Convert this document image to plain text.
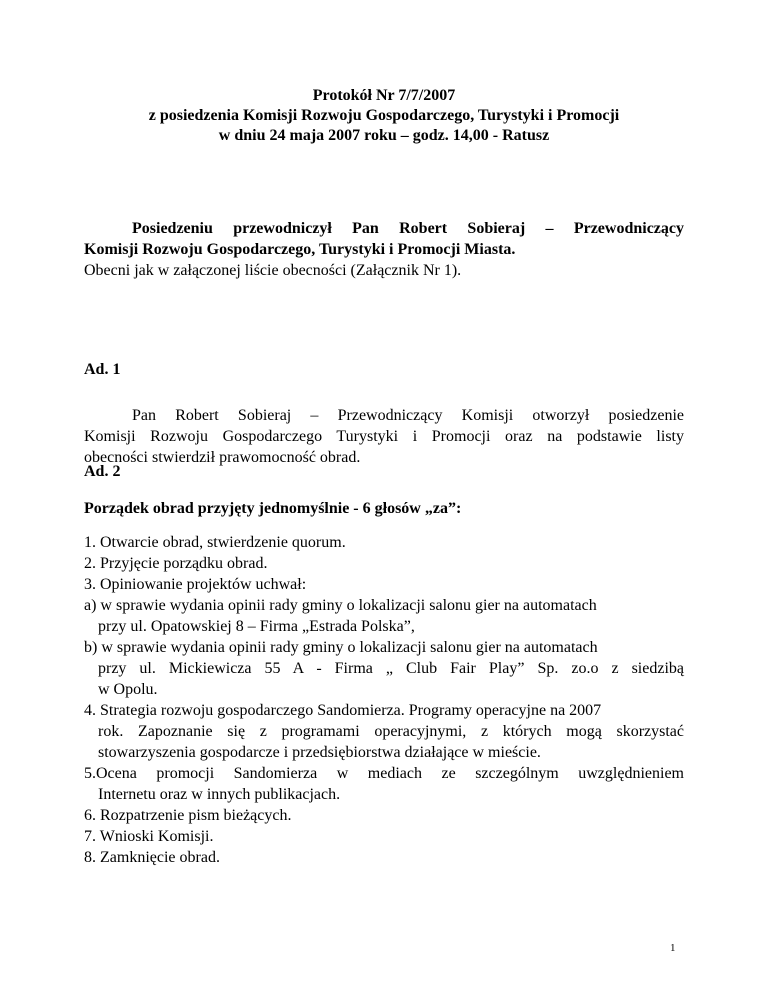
Protokół Nr 7/7/2007
z posiedzenia Komisji Rozwoju Gospodarczego, Turystyki i Promocji
w dniu 24 maja 2007 roku – godz. 14,00 - Ratusz
Posiedzeniu przewodniczył Pan Robert Sobieraj – Przewodniczący
Komisji Rozwoju Gospodarczego, Turystyki i Promocji Miasta.
Obecni jak w załączonej liście obecności (Załącznik Nr 1).
Ad. 1
Pan Robert Sobieraj – Przewodniczący Komisji otworzył posiedzenie
Komisji Rozwoju Gospodarczego Turystyki i Promocji oraz na podstawie listy
obecności stwierdził prawomocność obrad.
Ad. 2
Porządek obrad przyjęty jednomyślnie - 6 głosów „za”:
1. Otwarcie obrad, stwierdzenie quorum.
2. Przyjęcie porządku obrad.
3. Opiniowanie projektów uchwał:
a) w sprawie wydania opinii rady gminy o lokalizacji salonu gier na automatach
przy ul. Opatowskiej 8 – Firma „Estrada Polska”,
b) w sprawie wydania opinii rady gminy o lokalizacji salonu gier na automatach
przy ul. Mickiewicza 55 A - Firma „ Club Fair Play” Sp. zo.o z siedzibą
w Opolu.
4. Strategia rozwoju gospodarczego Sandomierza. Programy operacyjne na 2007
rok. Zapoznanie się z programami operacyjnymi, z których mogą skorzystać
stowarzyszenia gospodarcze i przedsiębiorstwa działające w mieście.
5.Ocena promocji Sandomierza w mediach ze szczególnym uwzględnieniem
Internetu oraz w innych publikacjach.
6. Rozpatrzenie pism bieżących.
7. Wnioski Komisji.
8. Zamknięcie obrad.
1
